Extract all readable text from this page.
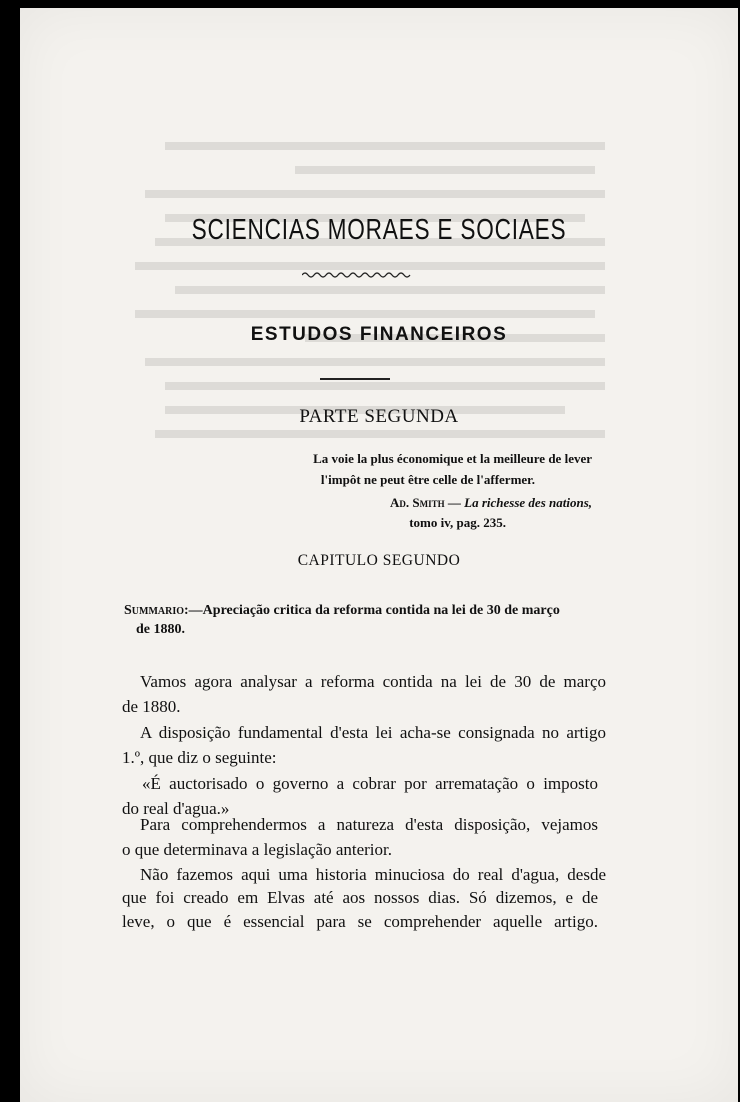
SCIENCIAS MORAES E SOCIAES
ESTUDOS FINANCEIROS
PARTE SEGUNDA
La voie la plus économique et la meilleure de lever
l'impôt ne peut être celle de l'affermer.
Ad. Smith — La richesse des nations,
tomo iv, pag. 235.
CAPITULO SEGUNDO
Summario:—Apreciação critica da reforma contida na lei de 30 de março
de 1880.
Vamos agora analysar a reforma contida na lei de 30 de março
de 1880.
A disposição fundamental d'esta lei acha-se consignada no artigo
1.º, que diz o seguinte:
«É auctorisado o governo a cobrar por arrematação o imposto
do real d'agua.»
Para comprehendermos a natureza d'esta disposição, vejamos
o que determinava a legislação anterior.
Não fazemos aqui uma historia minuciosa do real d'agua, desde
que foi creado em Elvas até aos nossos dias. Só dizemos, e de
leve, o que é essencial para se comprehender aquelle artigo.
